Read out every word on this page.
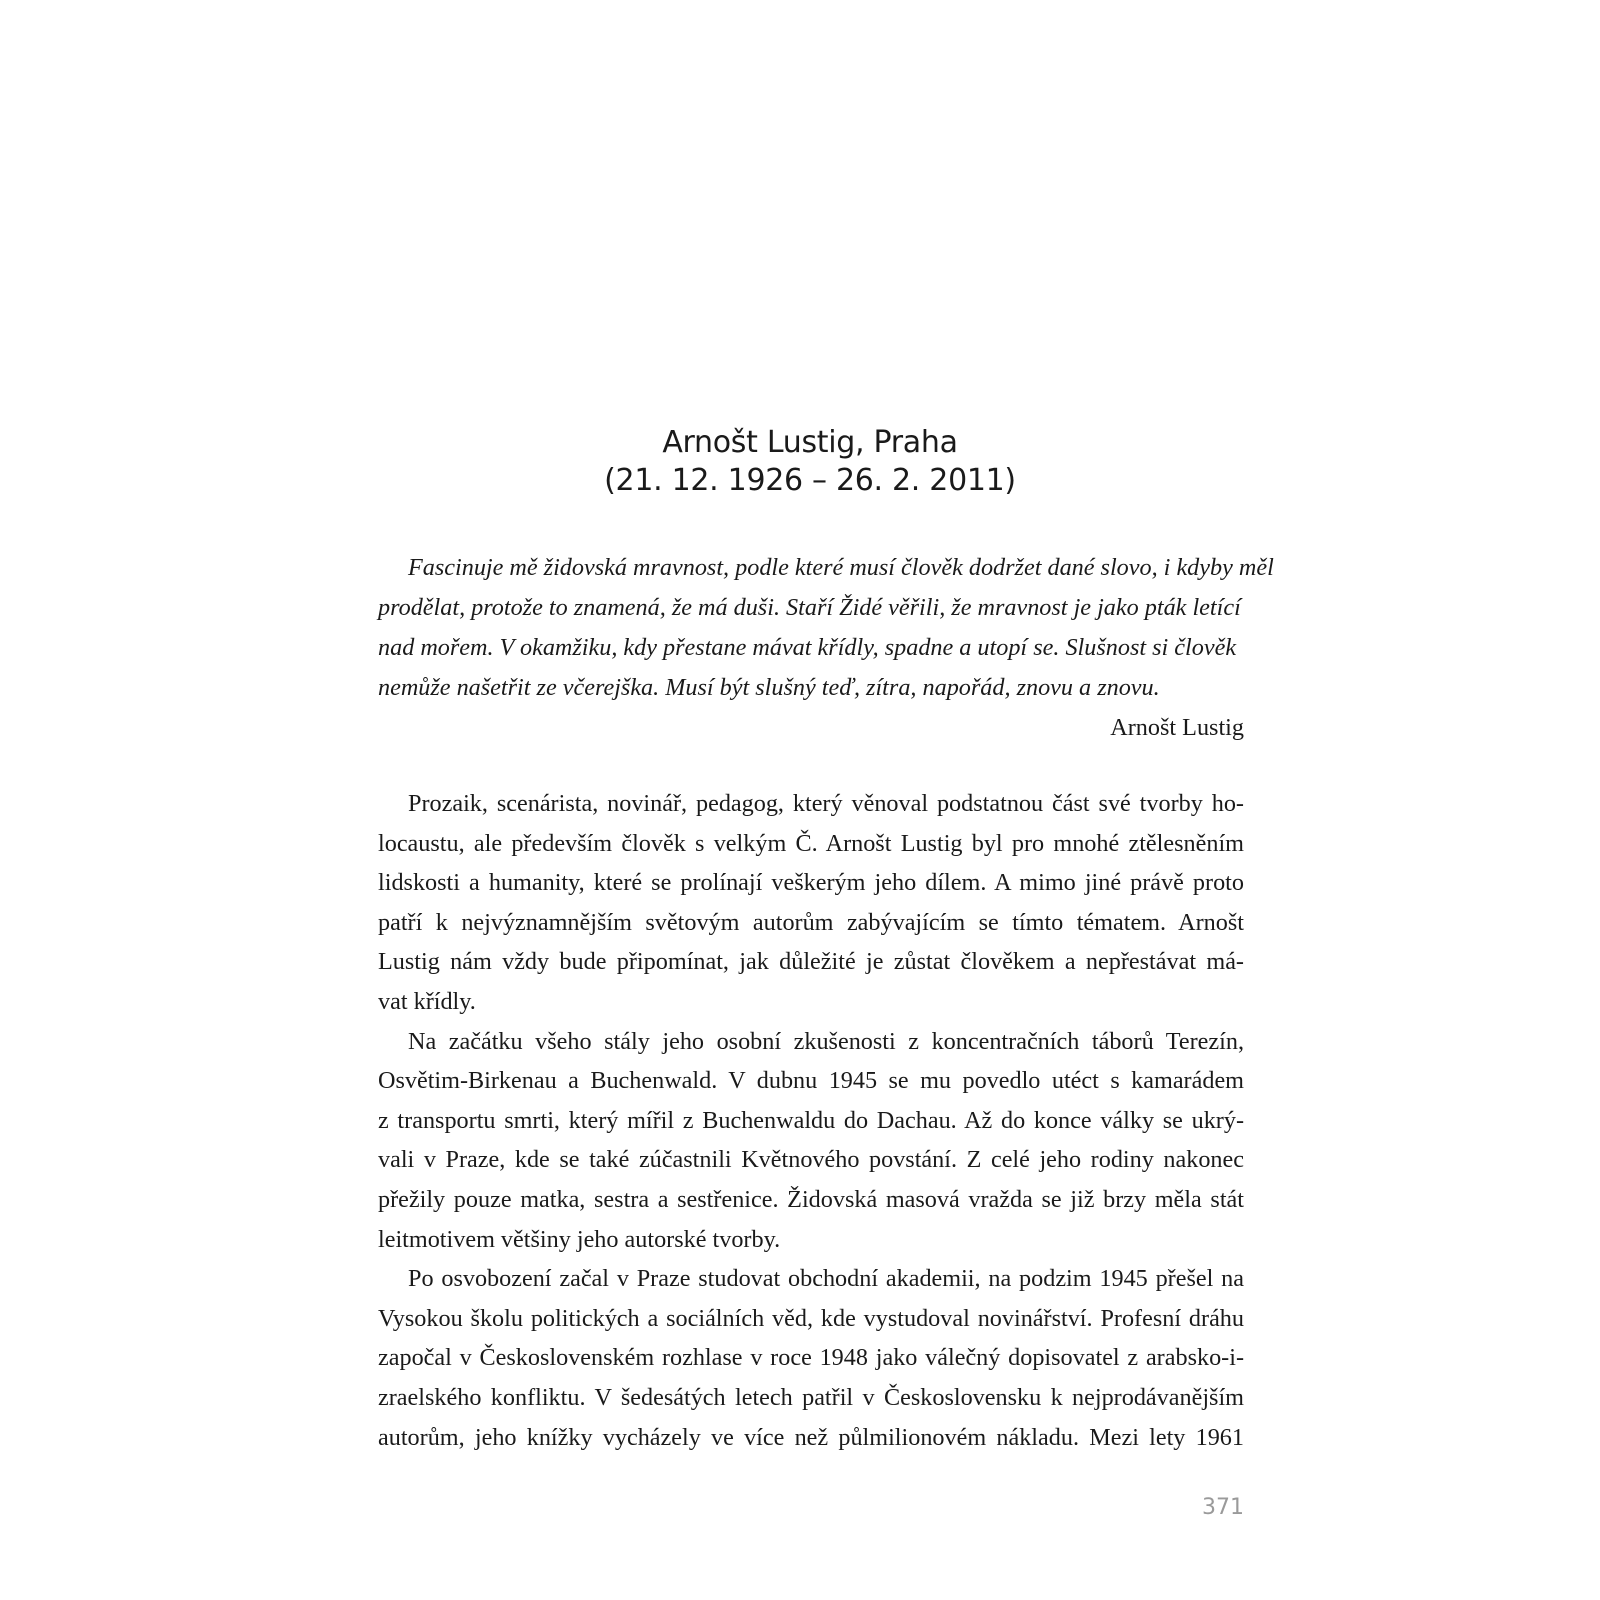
Arnošt Lustig, Praha
(21. 12. 1926 – 26. 2. 2011)
Fascinuje mě židovská mravnost, podle které musí člověk dodržet dané slovo, i kdyby měl
prodělat, protože to znamená, že má duši. Staří Židé věřili, že mravnost je jako pták letící
nad mořem. V okamžiku, kdy přestane mávat křídly, spadne a utopí se. Slušnost si člověk
nemůže našetřit ze včerejška. Musí být slušný teď, zítra, napořád, znovu a znovu.
Arnošt Lustig
Prozaik, scenárista, novinář, pedagog, který věnoval podstatnou část své tvorby ho-
locaustu, ale především člověk s velkým Č. Arnošt Lustig byl pro mnohé ztělesněním
lidskosti a humanity, které se prolínají veškerým jeho dílem. A mimo jiné právě proto
patří k nejvýznamnějším světovým autorům zabývajícím se tímto tématem. Arnošt
Lustig nám vždy bude připomínat, jak důležité je zůstat člověkem a nepřestávat má-
vat křídly.
Na začátku všeho stály jeho osobní zkušenosti z koncentračních táborů Terezín,
Osvětim-Birkenau a Buchenwald. V dubnu 1945 se mu povedlo utéct s kamarádem
z transportu smrti, který mířil z Buchenwaldu do Dachau. Až do konce války se ukrý-
vali v Praze, kde se také zúčastnili Květnového povstání. Z celé jeho rodiny nakonec
přežily pouze matka, sestra a sestřenice. Židovská masová vražda se již brzy měla stát
leitmotivem většiny jeho autorské tvorby.
Po osvobození začal v Praze studovat obchodní akademii, na podzim 1945 přešel na
Vysokou školu politických a sociálních věd, kde vystudoval novinářství. Profesní dráhu
započal v Československém rozhlase v roce 1948 jako válečný dopisovatel z arabsko-i-
zraelského konfliktu. V šedesátých letech patřil v Československu k nejprodávanějším
autorům, jeho knížky vycházely ve více než půlmilionovém nákladu. Mezi lety 1961
371
